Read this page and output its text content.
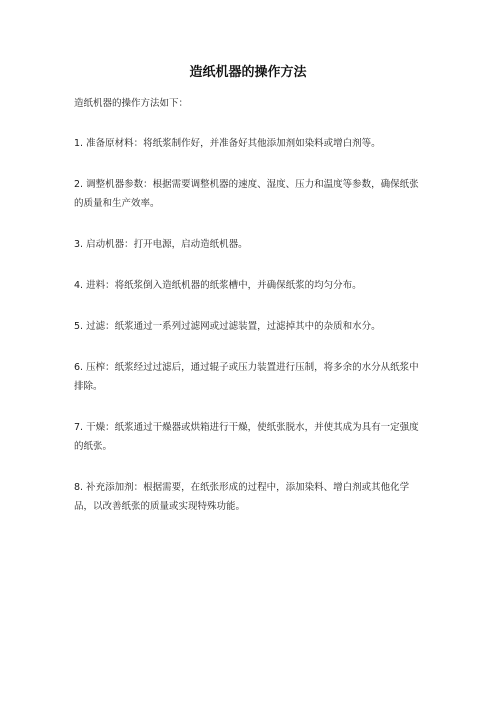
造纸机器的操作方法
造纸机器的操作方法如下：
1. 准备原材料：将纸浆制作好，并准备好其他添加剂如染料或增白剂等。
2. 调整机器参数：根据需要调整机器的速度、湿度、压力和温度等参数，确保纸张的质量和生产效率。
3. 启动机器：打开电源，启动造纸机器。
4. 进料：将纸浆倒入造纸机器的纸浆槽中，并确保纸浆的均匀分布。
5. 过滤：纸浆通过一系列过滤网或过滤装置，过滤掉其中的杂质和水分。
6. 压榨：纸浆经过过滤后，通过辊子或压力装置进行压制，将多余的水分从纸浆中排除。
7. 干燥：纸浆通过干燥器或烘箱进行干燥，使纸张脱水，并使其成为具有一定强度的纸张。
8. 补充添加剂：根据需要，在纸张形成的过程中，添加染料、增白剂或其他化学品，以改善纸张的质量或实现特殊功能。
